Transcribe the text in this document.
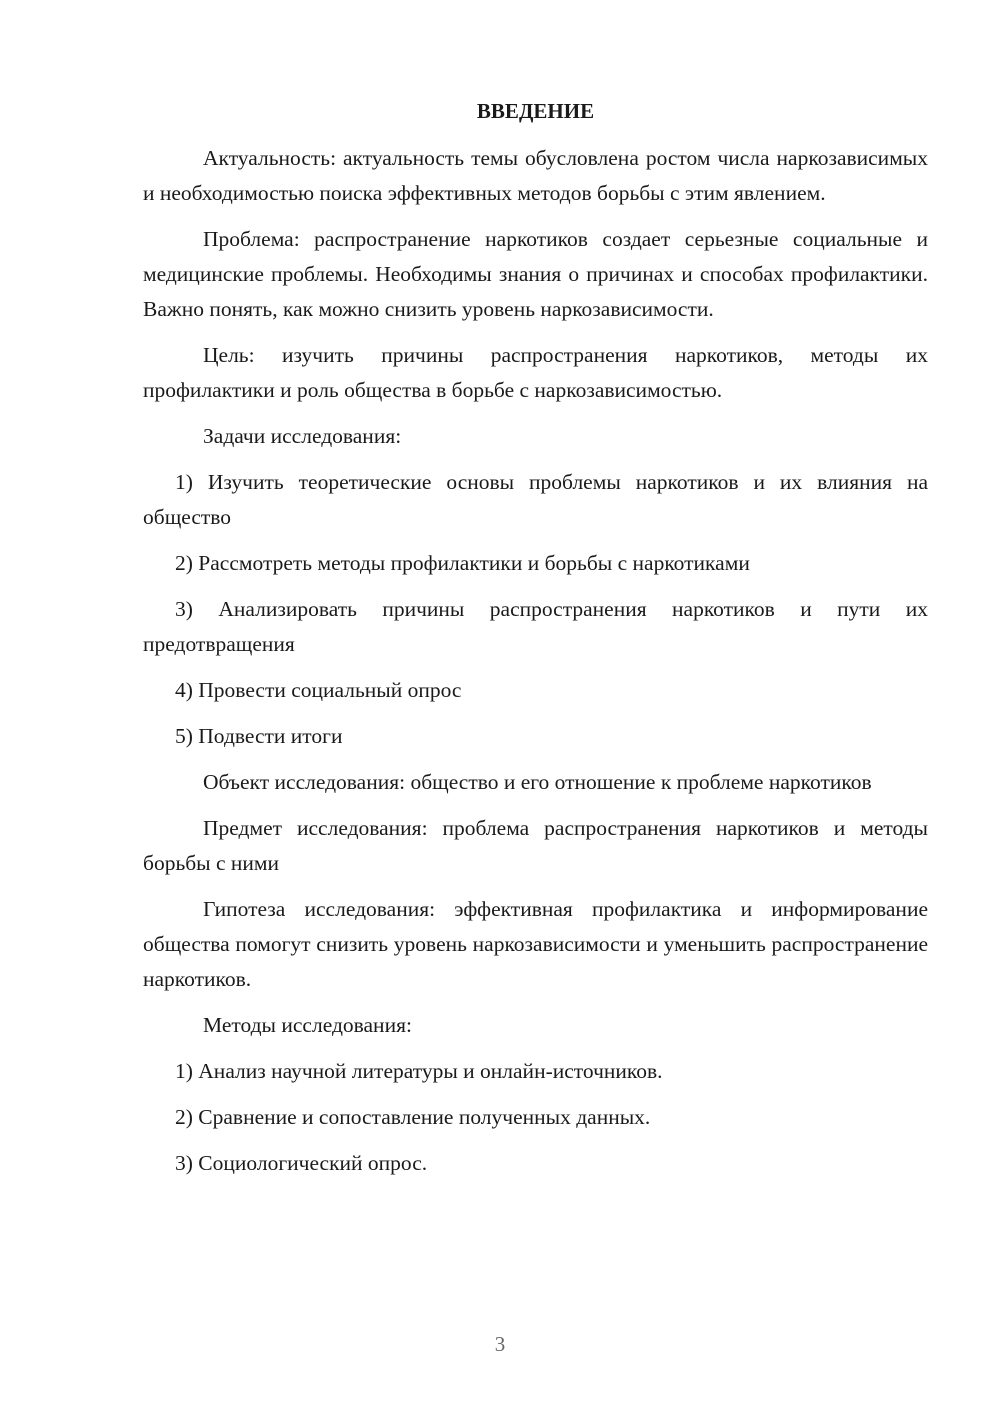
ВВЕДЕНИЕ

Актуальность: актуальность темы обусловлена ростом числа наркозависимых и необходимостью поиска эффективных методов борьбы с этим явлением.

Проблема: распространение наркотиков создает серьезные социальные и медицинские проблемы. Необходимы знания о причинах и способах профилактики. Важно понять, как можно снизить уровень наркозависимости.

Цель: изучить причины распространения наркотиков, методы их профилактики и роль общества в борьбе с наркозависимостью.

Задачи исследования:

1) Изучить теоретические основы проблемы наркотиков и их влияния на общество

2) Рассмотреть методы профилактики и борьбы с наркотиками

3) Анализировать причины распространения наркотиков и пути их предотвращения

4) Провести социальный опрос

5) Подвести итоги

Объект исследования: общество и его отношение к проблеме наркотиков

Предмет исследования: проблема распространения наркотиков и методы борьбы с ними

Гипотеза исследования: эффективная профилактика и информирование общества помогут снизить уровень наркозависимости и уменьшить распространение наркотиков.

Методы исследования:

1) Анализ научной литературы и онлайн-источников.

2) Сравнение и сопоставление полученных данных.

3) Социологический опрос.

3
